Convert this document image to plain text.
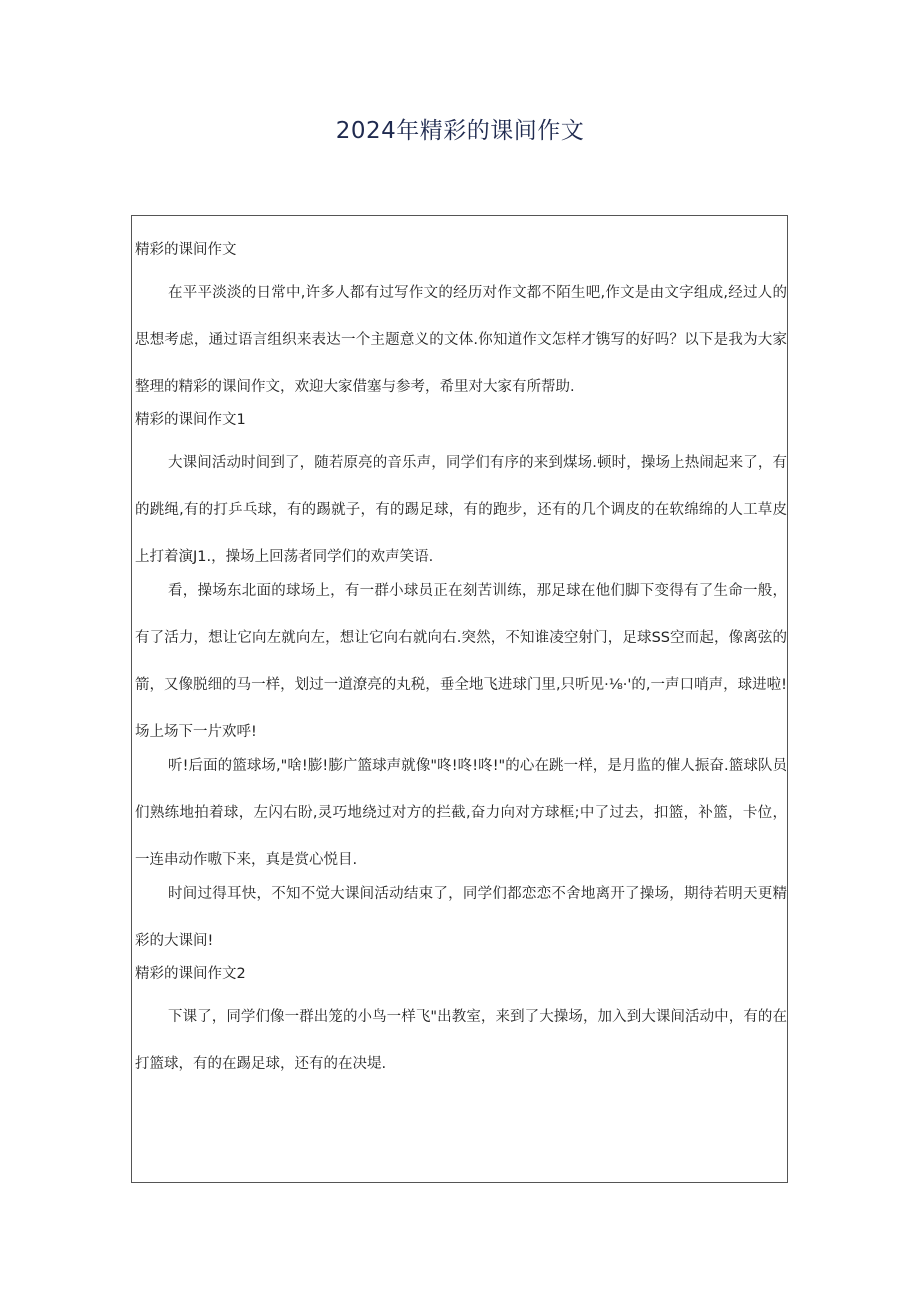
2024年精彩的课间作文
精彩的课间作文

在平平淡淡的日常中,许多人都有过写作文的经历对作文都不陌生吧,作文是由文字组成,经过人的思想考虑，通过语言组织来表达一个主题意义的文体.你知道作文怎样才镌写的好吗？以下是我为大家整理的精彩的课间作文，欢迎大家借塞与参考，希里对大家有所帮助.

精彩的课间作文1

大课间活动时间到了，随若原亮的音乐声，同学们有序的来到煤场.顿时，操场上热闹起来了，有的跳绳,有的打乒乓球，有的踢就子，有的踢足球，有的跑步，还有的几个调皮的在软绵绵的人工草皮上打着演J1.，操场上回荡者同学们的欢声笑语.

看，操场东北面的球场上，有一群小球员正在刻苦训练，那足球在他们脚下变得有了生命一般，有了活力，想让它向左就向左，想让它向右就向右.突然，不知谁凌空射门，足球SS空而起，像离弦的箭，又像脱细的马一样，划过一道潦亮的丸税，垂全地飞进球门里,只听见·⅛·'的,一声口哨声，球进啦!场上场下一片欢呼!

听!后面的篮球场,"啥!膨!膨广篮球声就像"咚!咚!咚!"的心在跳一样，是月监的催人振奋.篮球队员们熟练地拍着球，左闪右盼,灵巧地绕过对方的拦截,奋力向对方球框;中了过去，扣篮，补篮，卡位，一连串动作嗷下来，真是赏心悦目.

时间过得耳快，不知不觉大课间活动结束了，同学们都恋恋不舍地离开了操场，期待若明天更精彩的大课间!

精彩的课间作文2

下课了，同学们像一群出笼的小鸟一样飞"出教室，来到了大操场，加入到大课间活动中，有的在打篮球，有的在踢足球，还有的在决堤.
